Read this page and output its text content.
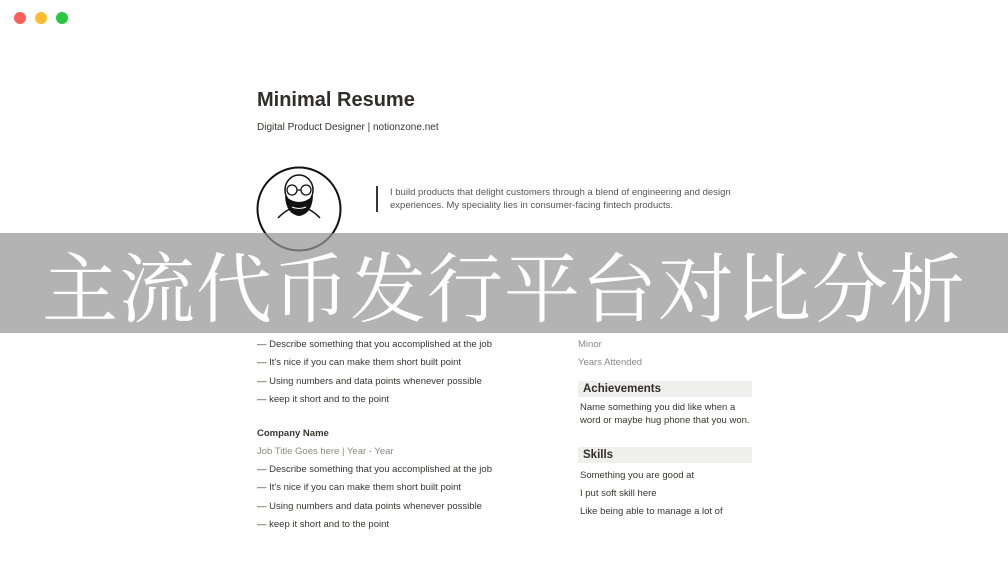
Minimal Resume
Digital Product Designer | notionzone.net
I build products that delight customers through a blend of engineering and design experiences. My speciality lies in consumer-facing fintech products.
— Describe something that you accomplished at the job
— It's nice if you can make them short built point
— Using numbers and data points whenever possible
— keep it short and to the point
Company Name
Job Title Goes here | Year - Year
— Describe something that you accomplished at the job
— It's nice if you can make them short built point
— Using numbers and data points whenever possible
— keep it short and to the point
Minor
Years Attended
Achievements
Name something you did like when a word or maybe hug phone that you won.
Skills
Something you are good at
I put soft skill here
Like being able to manage a lot of
主流代币发行平台对比分析
